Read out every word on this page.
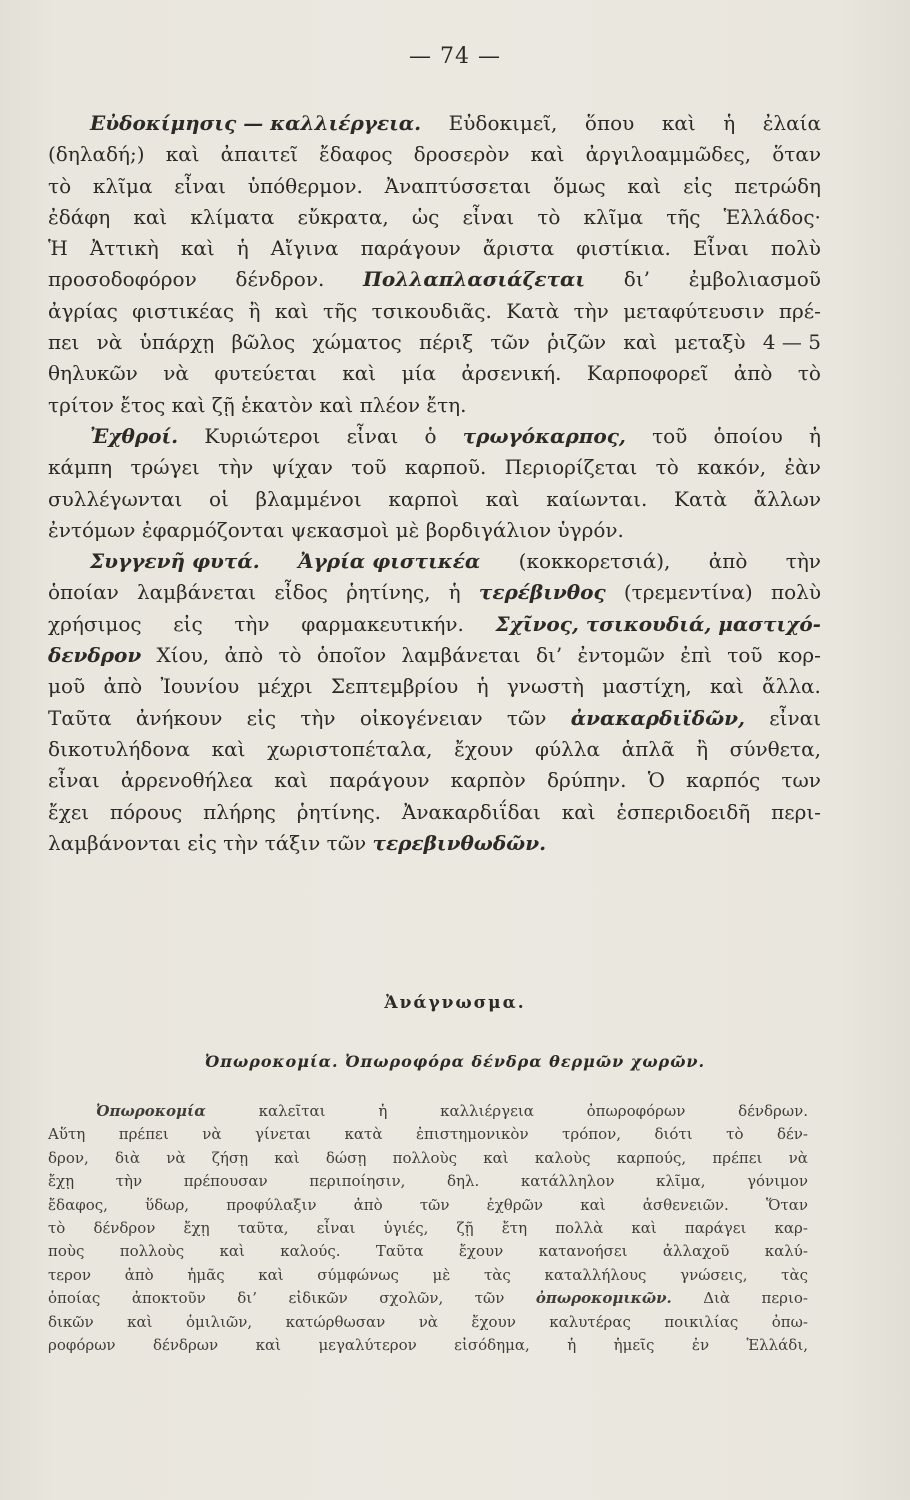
— 74 —
Εὐδοκίμησις — καλλιέργεια. Εὐδοκιμεῖ, ὅπου καὶ ἡ ἐλαία
(δηλαδή;) καὶ ἀπαιτεῖ ἔδαφος δροσερὸν καὶ ἀργιλοαμμῶδες, ὅταν
τὸ κλῖμα εἶναι ὑπόθερμον. Ἀναπτύσσεται ὅμως καὶ εἰς πετρώδη
ἐδάφη καὶ κλίματα εὔκρατα, ὡς εἶναι τὸ κλῖμα τῆς Ἑλλάδος·
Ἡ Ἀττικὴ καὶ ἡ Αἴγινα παράγουν ἄριστα φιστίκια. Εἶναι πολὺ
προσοδοφόρον δένδρον. Πολλαπλασιάζεται δι’ ἐμβολιασμοῦ
ἀγρίας φιστικέας ἢ καὶ τῆς τσικουδιᾶς. Κατὰ τὴν μεταφύτευσιν πρέ-
πει νὰ ὑπάρχῃ βῶλος χώματος πέριξ τῶν ῥιζῶν καὶ μεταξὺ 4 — 5
θηλυκῶν νὰ φυτεύεται καὶ μία ἀρσενική. Καρποφορεῖ ἀπὸ τὸ
τρίτον ἔτος καὶ ζῇ ἑκατὸν καὶ πλέον ἔτη.
Ἐχθροί. Κυριώτεροι εἶναι ὁ τρωγόκαρπος, τοῦ ὁποίου ἡ
κάμπη τρώγει τὴν ψίχαν τοῦ καρποῦ. Περιορίζεται τὸ κακόν, ἐὰν
συλλέγωνται οἱ βλαμμένοι καρποὶ καὶ καίωνται. Κατὰ ἄλλων
ἐντόμων ἐφαρμόζονται ψεκασμοὶ μὲ βορδιγάλιον ὑγρόν.
Συγγενῆ φυτά. Ἀγρία φιστικέα (κοκκορετσιά), ἀπὸ τὴν
ὁποίαν λαμβάνεται εἶδος ῥητίνης, ἡ τερέβινθος (τρεμεντίνα) πολὺ
χρήσιμος εἰς τὴν φαρμακευτικήν. Σχῖνος, τσικουδιά, μαστιχό-
δενδρον Χίου, ἀπὸ τὸ ὁποῖον λαμβάνεται δι’ ἐντομῶν ἐπὶ τοῦ κορ-
μοῦ ἀπὸ Ἰουνίου μέχρι Σεπτεμβρίου ἡ γνωστὴ μαστίχη, καὶ ἄλλα.
Ταῦτα ἀνήκουν εἰς τὴν οἰκογένειαν τῶν ἀνακαρδιϊδῶν, εἶναι
δικοτυλήδονα καὶ χωριστοπέταλα, ἔχουν φύλλα ἁπλᾶ ἢ σύνθετα,
εἶναι ἀρρενοθήλεα καὶ παράγουν καρπὸν δρύπην. Ὁ καρπός των
ἔχει πόρους πλήρης ῥητίνης. Ἀνακαρδιΐδαι καὶ ἑσπεριδοειδῆ περι-
λαμβάνονται εἰς τὴν τάξιν τῶν τερεβινθωδῶν.
Ἀνάγνωσμα.
Ὀπωροκομία. Ὀπωροφόρα δένδρα θερμῶν χωρῶν.
Ὀπωροκομία	καλεῖται	ἡ	καλλιέργεια	ὀπωροφόρων	δένδρων.
Αὕτη πρέπει νὰ γίνεται κατὰ ἐπιστημονικὸν τρόπον, διότι τὸ δέν-
δρον, διὰ νὰ ζήσῃ καὶ δώσῃ πολλοὺς καὶ καλοὺς καρπούς, πρέπει νὰ
ἔχῃ	τὴν	πρέπουσαν	περιποίησιν,	δηλ.	κατάλληλον	κλῖμα,	γόνιμον
ἔδαφος, ὕδωρ, προφύλαξιν ἀπὸ τῶν ἐχθρῶν καὶ ἀσθενειῶν. Ὅταν
τὸ δένδρον ἔχῃ ταῦτα, εἶναι ὑγιές, ζῇ ἔτη πολλὰ καὶ παράγει καρ-
ποὺς πολλοὺς καὶ καλούς. Ταῦτα ἔχουν κατανοήσει ἀλλαχοῦ καλύ-
τερον ἀπὸ ἡμᾶς καὶ σύμφώνως μὲ τὰς καταλλήλους γνώσεις, τὰς
ὁποίας ἀποκτοῦν δι’ εἰδικῶν σχολῶν, τῶν ὀπωροκομικῶν. Διὰ περιο-
δικῶν καὶ ὁμιλιῶν, κατώρθωσαν νὰ ἔχουν καλυτέρας ποικιλίας ὀπω-
ροφόρων δένδρων καὶ μεγαλύτερον εἰσόδημα, ἡ ἡμεῖς ἐν Ἑλλάδι,
